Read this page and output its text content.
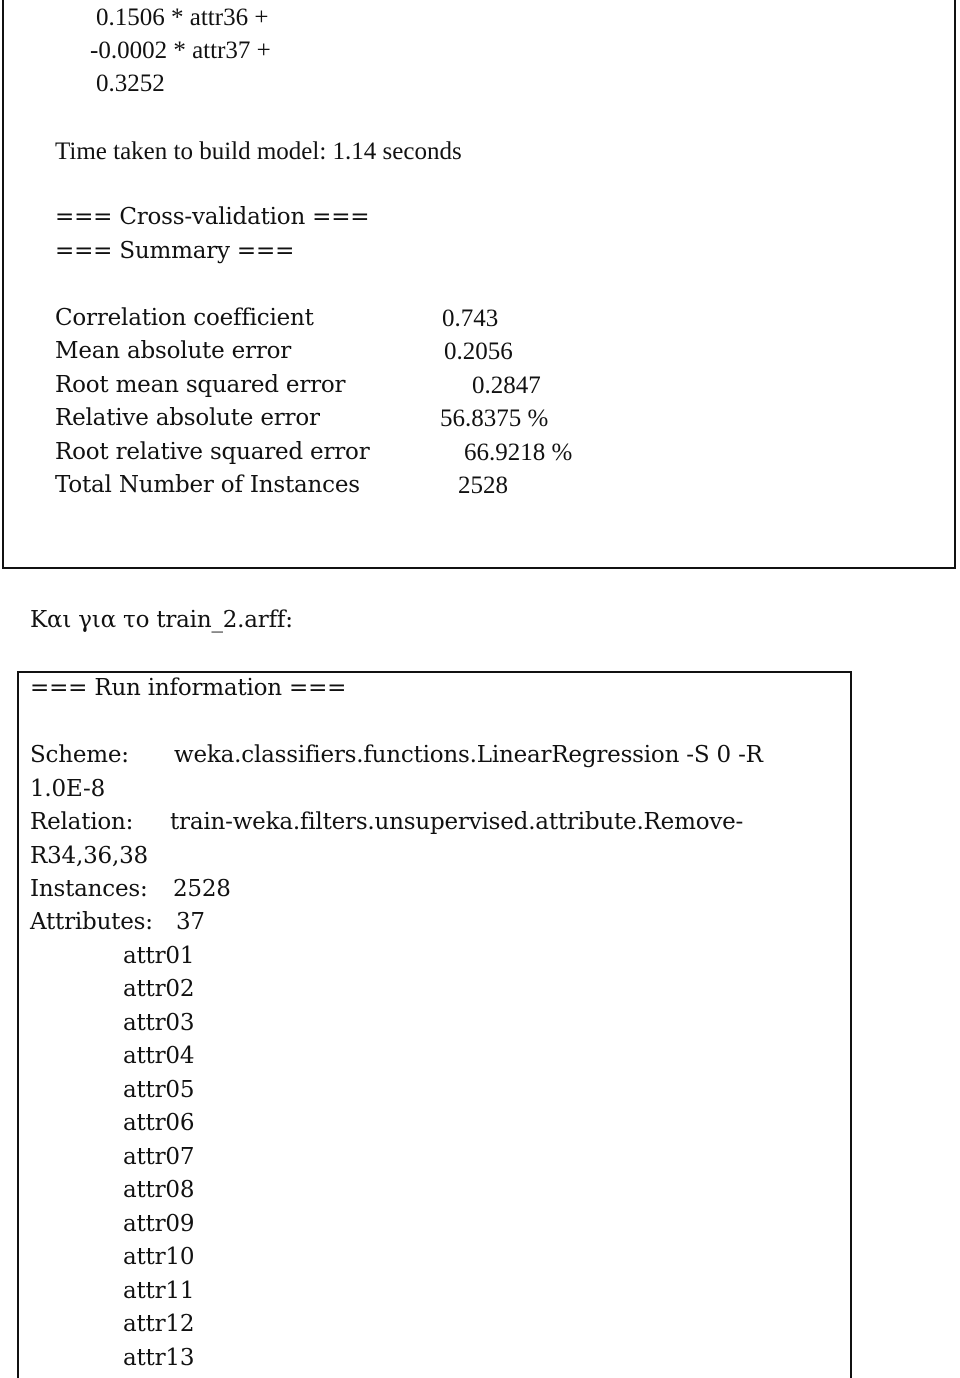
0.1506 * attr36 +
-0.0002 * attr37 +
0.3252
Time taken to build model: 1.14 seconds
=== Cross-validation ===
=== Summary ===
Correlation coefficient	0.743
Mean absolute error	0.2056
Root mean squared error	0.2847
Relative absolute error	56.8375 %
Root relative squared error	66.9218 %
Total Number of Instances	2528
Και για το train_2.arff:
=== Run information ===
Scheme: weka.classifiers.functions.LinearRegression -S 0 -R
1.0E-8
Relation: train-weka.filters.unsupervised.attribute.Remove-
R34,36,38
Instances: 2528
Attributes: 37
attr01
attr02
attr03
attr04
attr05
attr06
attr07
attr08
attr09
attr10
attr11
attr12
attr13
